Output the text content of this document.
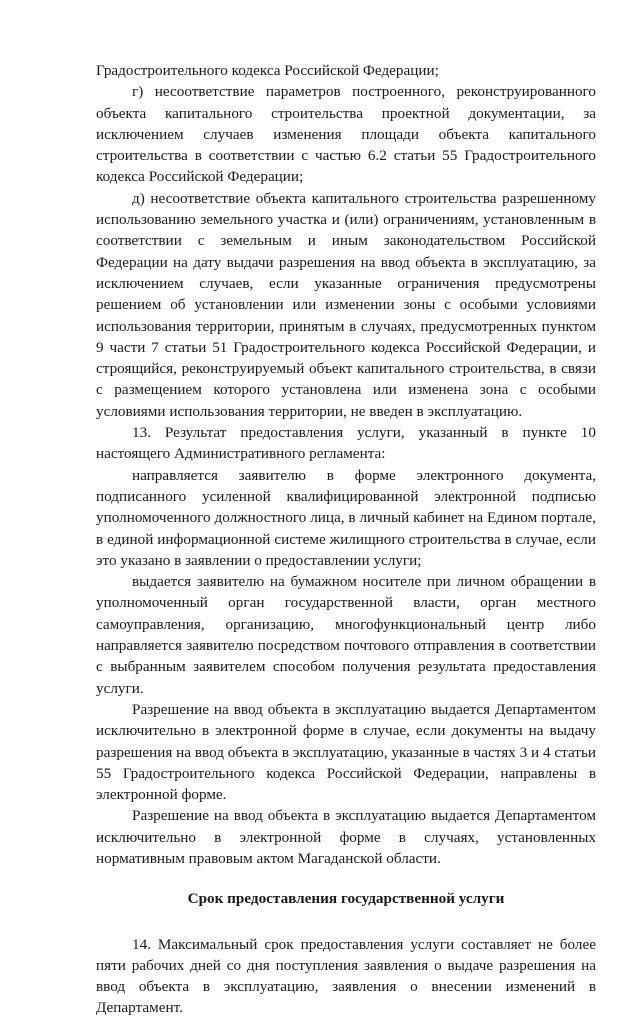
Градостроительного кодекса Российской Федерации;

г) несоответствие параметров построенного, реконструированного объекта капитального строительства проектной документации, за исключением случаев изменения площади объекта капитального строительства в соответствии с частью 6.2 статьи 55 Градостроительного кодекса Российской Федерации;

д) несоответствие объекта капитального строительства разрешенному использованию земельного участка и (или) ограничениям, установленным в соответствии с земельным и иным законодательством Российской Федерации на дату выдачи разрешения на ввод объекта в эксплуатацию, за исключением случаев, если указанные ограничения предусмотрены решением об установлении или изменении зоны с особыми условиями использования территории, принятым в случаях, предусмотренных пунктом 9 части 7 статьи 51 Градостроительного кодекса Российской Федерации, и строящийся, реконструируемый объект капитального строительства, в связи с размещением которого установлена или изменена зона с особыми условиями использования территории, не введен в эксплуатацию.

13. Результат предоставления услуги, указанный в пункте 10 настоящего Административного регламента:

направляется заявителю в форме электронного документа, подписанного усиленной квалифицированной электронной подписью уполномоченного должностного лица, в личный кабинет на Едином портале, в единой информационной системе жилищного строительства в случае, если это указано в заявлении о предоставлении услуги;

выдается заявителю на бумажном носителе при личном обращении в уполномоченный орган государственной власти, орган местного самоуправления, организацию, многофункциональный центр либо направляется заявителю посредством почтового отправления в соответствии с выбранным заявителем способом получения результата предоставления услуги.

Разрешение на ввод объекта в эксплуатацию выдается Департаментом исключительно в электронной форме в случае, если документы на выдачу разрешения на ввод объекта в эксплуатацию, указанные в частях 3 и 4 статьи 55 Градостроительного кодекса Российской Федерации, направлены в электронной форме.

Разрешение на ввод объекта в эксплуатацию выдается Департаментом исключительно в электронной форме в случаях, установленных нормативным правовым актом Магаданской области.

Срок предоставления государственной услуги

14. Максимальный срок предоставления услуги составляет не более пяти рабочих дней со дня поступления заявления о выдаче разрешения на ввод объекта в эксплуатацию, заявления о внесении изменений в Департамент.
